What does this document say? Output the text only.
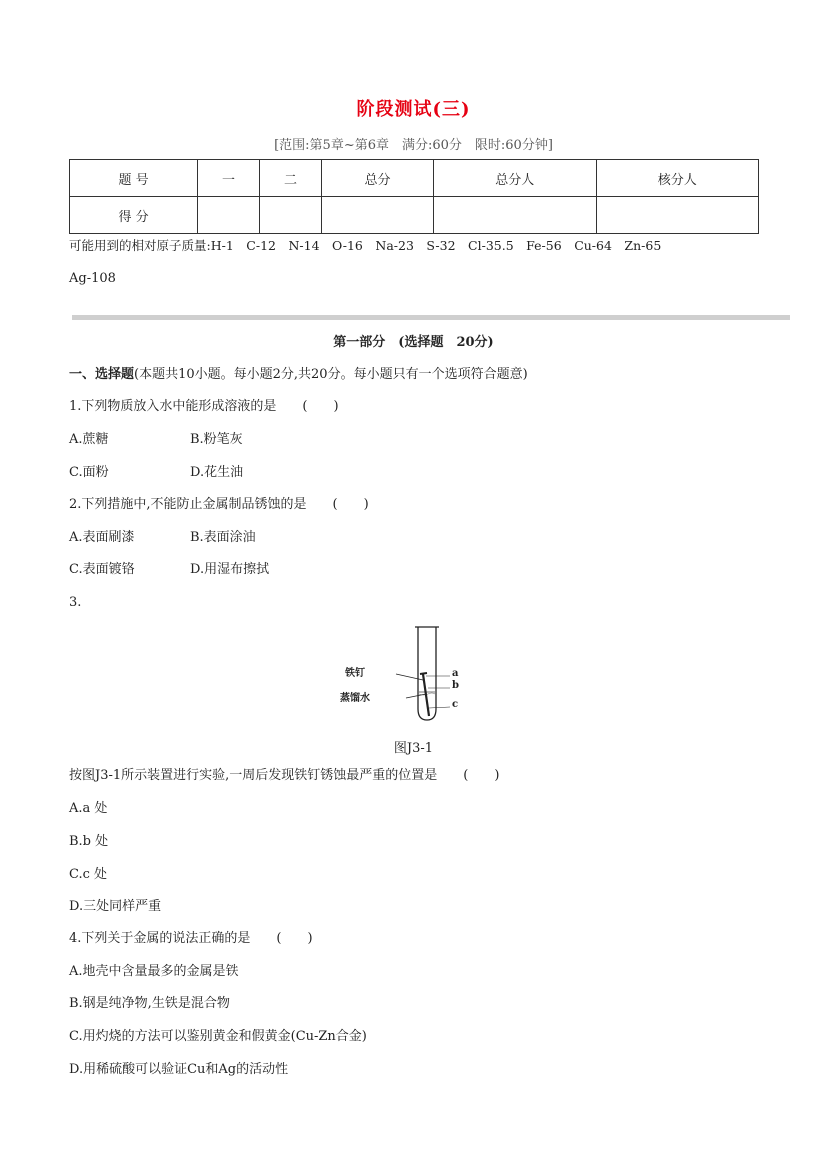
阶段测试(三)
[范围:第5章~第6章　满分:60分　限时:60分钟]
题 号	一	二	总分	总分人	核分人
得 分					
可能用到的相对原子质量:H-1　C-12　N-14　O-16　Na-23　S-32　Cl-35.5　Fe-56　Cu-64　Zn-65
Ag-108
第一部分　(选择题　20分)
一、选择题(本题共10小题。每小题2分,共20分。每小题只有一个选项符合题意)
1.下列物质放入水中能形成溶液的是　　(　　)
A.蔗糖	B.粉笔灰
C.面粉	D.花生油
2.下列措施中,不能防止金属制品锈蚀的是　　(　　)
A.表面刷漆	B.表面涂油
C.表面镀铬	D.用湿布擦拭
3.
铁钉
蒸馏水
a
b
c
图J3-1
按图J3-1所示装置进行实验,一周后发现铁钉锈蚀最严重的位置是　　(　　)
A.a 处
B.b 处
C.c 处
D.三处同样严重
4.下列关于金属的说法正确的是　　(　　)
A.地壳中含量最多的金属是铁
B.钢是纯净物,生铁是混合物
C.用灼烧的方法可以鉴别黄金和假黄金(Cu-Zn合金)
D.用稀硫酸可以验证Cu和Ag的活动性
